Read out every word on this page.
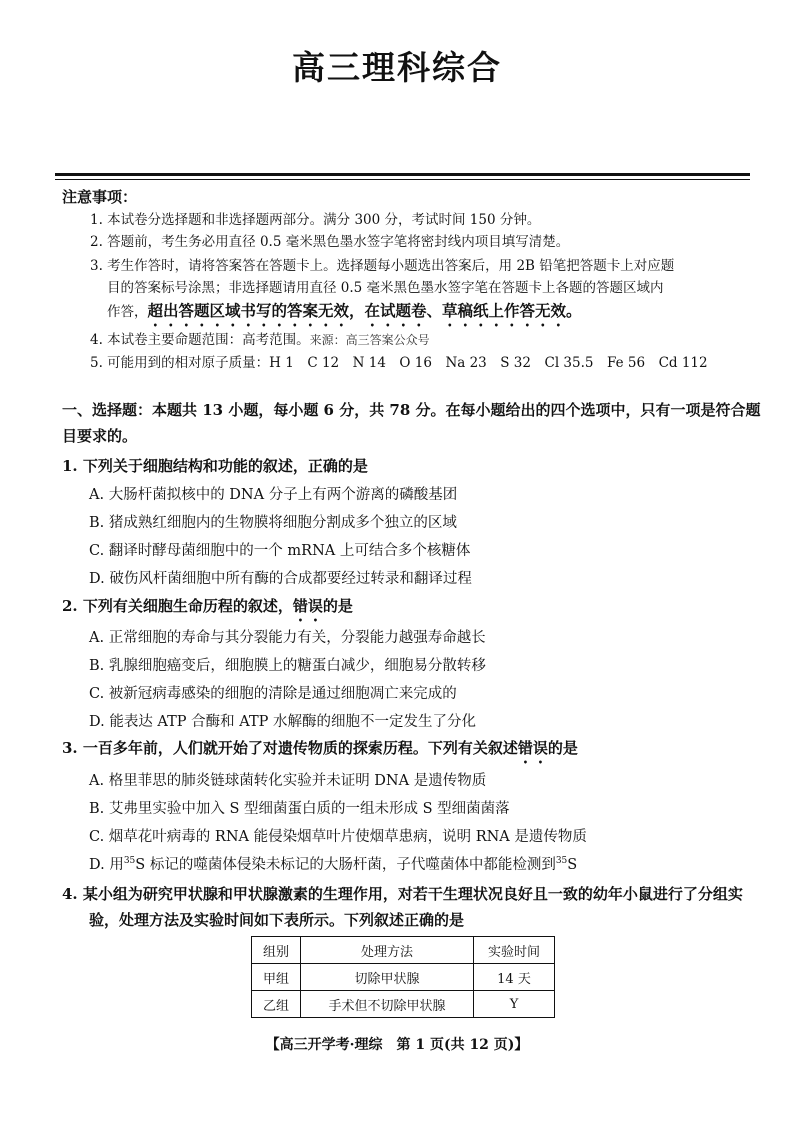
高三理科综合
注意事项：
1. 本试卷分选择题和非选择题两部分。满分 300 分，考试时间 150 分钟。
2. 答题前，考生务必用直径 0.5 毫米黑色墨水签字笔将密封线内项目填写清楚。
3. 考生作答时，请将答案答在答题卡上。选择题每小题选出答案后，用 2B 铅笔把答题卡上对应题
目的答案标号涂黑；非选择题请用直径 0.5 毫米黑色墨水签字笔在答题卡上各题的答题区域内
作答，超出答题区域书写的答案无效，在试题卷、草稿纸上作答无效。
4. 本试卷主要命题范围：高考范围。来源：高三答案公众号
5. 可能用到的相对原子质量：H 1　C 12　N 14　O 16　Na 23　S 32　Cl 35.5　Fe 56　Cd 112
一、选择题：本题共 13 小题，每小题 6 分，共 78 分。在每小题给出的四个选项中，只有一项是符合题目要求的。
1. 下列关于细胞结构和功能的叙述，正确的是
A. 大肠杆菌拟核中的 DNA 分子上有两个游离的磷酸基团
B. 猪成熟红细胞内的生物膜将细胞分割成多个独立的区域
C. 翻译时酵母菌细胞中的一个 mRNA 上可结合多个核糖体
D. 破伤风杆菌细胞中所有酶的合成都要经过转录和翻译过程
2. 下列有关细胞生命历程的叙述，错误的是
A. 正常细胞的寿命与其分裂能力有关，分裂能力越强寿命越长
B. 乳腺细胞癌变后，细胞膜上的糖蛋白减少，细胞易分散转移
C. 被新冠病毒感染的细胞的清除是通过细胞凋亡来完成的
D. 能表达 ATP 合酶和 ATP 水解酶的细胞不一定发生了分化
3. 一百多年前，人们就开始了对遗传物质的探索历程。下列有关叙述错误的是
A. 格里菲思的肺炎链球菌转化实验并未证明 DNA 是遗传物质
B. 艾弗里实验中加入 S 型细菌蛋白质的一组未形成 S 型细菌菌落
C. 烟草花叶病毒的 RNA 能侵染烟草叶片使烟草患病，说明 RNA 是遗传物质
D. 用$^{35}$S 标记的噬菌体侵染未标记的大肠杆菌，子代噬菌体中都能检测到$^{35}$S
4. 某小组为研究甲状腺和甲状腺激素的生理作用，对若干生理状况良好且一致的幼年小鼠进行了分组实
验，处理方法及实验时间如下表所示。下列叙述正确的是
组别	处理方法	实验时间
甲组	切除甲状腺	14 天
乙组	手术但不切除甲状腺	Y
【高三开学考·理综　第 1 页(共 12 页)】
